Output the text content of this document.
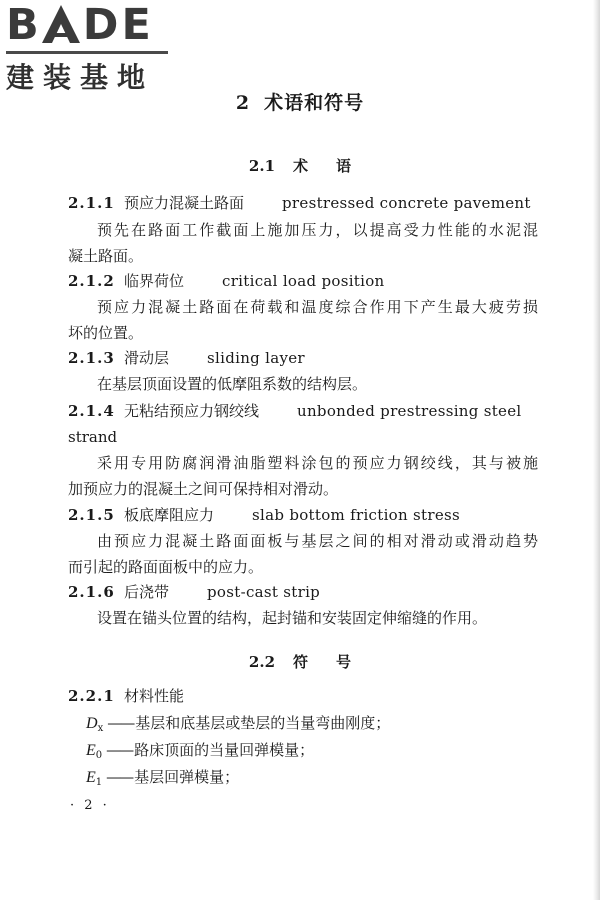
B D E
建装基地
2 术语和符号
2.1 术 语
2.1.1 预应力混凝土路面	prestressed concrete pavement
预先在路面工作截面上施加压力，以提高受力性能的水泥混
凝土路面。
2.1.2 临界荷位	critical load position
预应力混凝土路面在荷载和温度综合作用下产生最大疲劳损
坏的位置。
2.1.3 滑动层	sliding layer
在基层顶面设置的低摩阻系数的结构层。
2.1.4 无粘结预应力钢绞线	unbonded prestressing steel
strand
采用专用防腐润滑油脂塑料涂包的预应力钢绞线，其与被施
加预应力的混凝土之间可保持相对滑动。
2.1.5 板底摩阻应力	slab bottom friction stress
由预应力混凝土路面面板与基层之间的相对滑动或滑动趋势
而引起的路面面板中的应力。
2.1.6 后浇带	post-cast strip
设置在锚头位置的结构，起封锚和安装固定伸缩缝的作用。
2.2 符 号
2.2.1 材料性能
$D_x$ —— 基层和底基层或垫层的当量弯曲刚度；
$E_0$ —— 路床顶面的当量回弹模量；
$E_1$ —— 基层回弹模量；
· 2 ·
